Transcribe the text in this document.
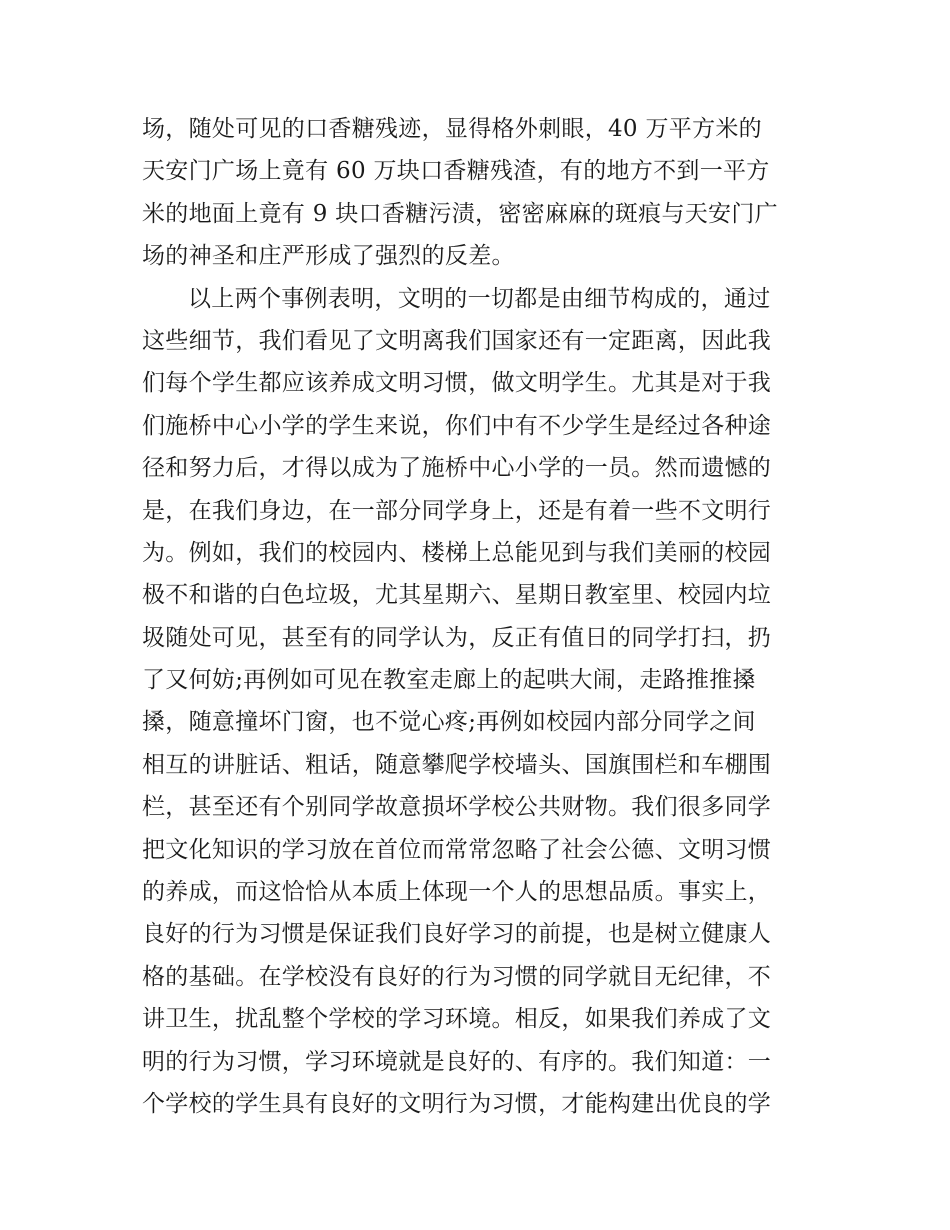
场，随处可见的口香糖残迹，显得格外刺眼，40 万平方米的
天安门广场上竟有 60 万块口香糖残渣，有的地方不到一平方
米的地面上竟有 9 块口香糖污渍，密密麻麻的斑痕与天安门广
场的神圣和庄严形成了强烈的反差。
以上两个事例表明，文明的一切都是由细节构成的，通过
这些细节，我们看见了文明离我们国家还有一定距离，因此我
们每个学生都应该养成文明习惯，做文明学生。尤其是对于我
们施桥中心小学的学生来说，你们中有不少学生是经过各种途
径和努力后，才得以成为了施桥中心小学的一员。然而遗憾的
是，在我们身边，在一部分同学身上，还是有着一些不文明行
为。例如，我们的校园内、楼梯上总能见到与我们美丽的校园
极不和谐的白色垃圾，尤其星期六、星期日教室里、校园内垃
圾随处可见，甚至有的同学认为，反正有值日的同学打扫，扔
了又何妨;再例如可见在教室走廊上的起哄大闹，走路推推搡
搡，随意撞坏门窗，也不觉心疼;再例如校园内部分同学之间
相互的讲脏话、粗话，随意攀爬学校墙头、国旗围栏和车棚围
栏，甚至还有个别同学故意损坏学校公共财物。我们很多同学
把文化知识的学习放在首位而常常忽略了社会公德、文明习惯
的养成，而这恰恰从本质上体现一个人的思想品质。事实上，
良好的行为习惯是保证我们良好学习的前提，也是树立健康人
格的基础。在学校没有良好的行为习惯的同学就目无纪律，不
讲卫生，扰乱整个学校的学习环境。相反，如果我们养成了文
明的行为习惯，学习环境就是良好的、有序的。我们知道：一
个学校的学生具有良好的文明行为习惯，才能构建出优良的学
